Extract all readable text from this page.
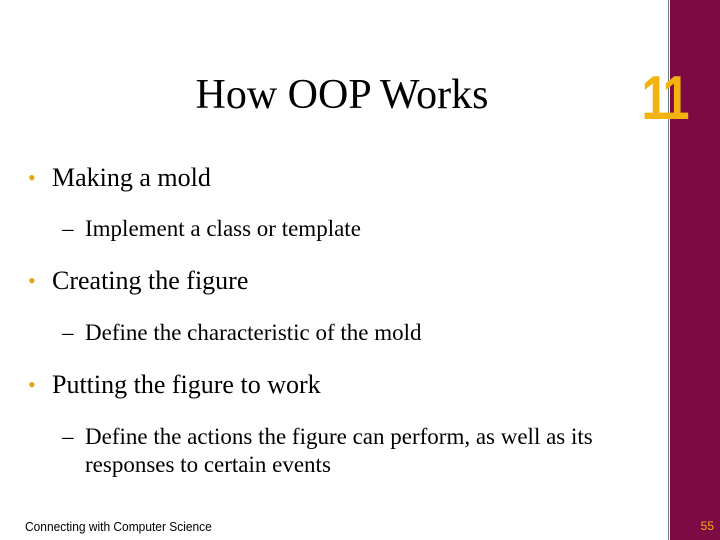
11
How OOP Works
• Making a mold
– Implement a class or template
• Creating the figure
– Define the characteristic of the mold
• Putting the figure to work
– Define the actions the figure can perform, as well as its responses to certain events
Connecting with Computer Science	55
